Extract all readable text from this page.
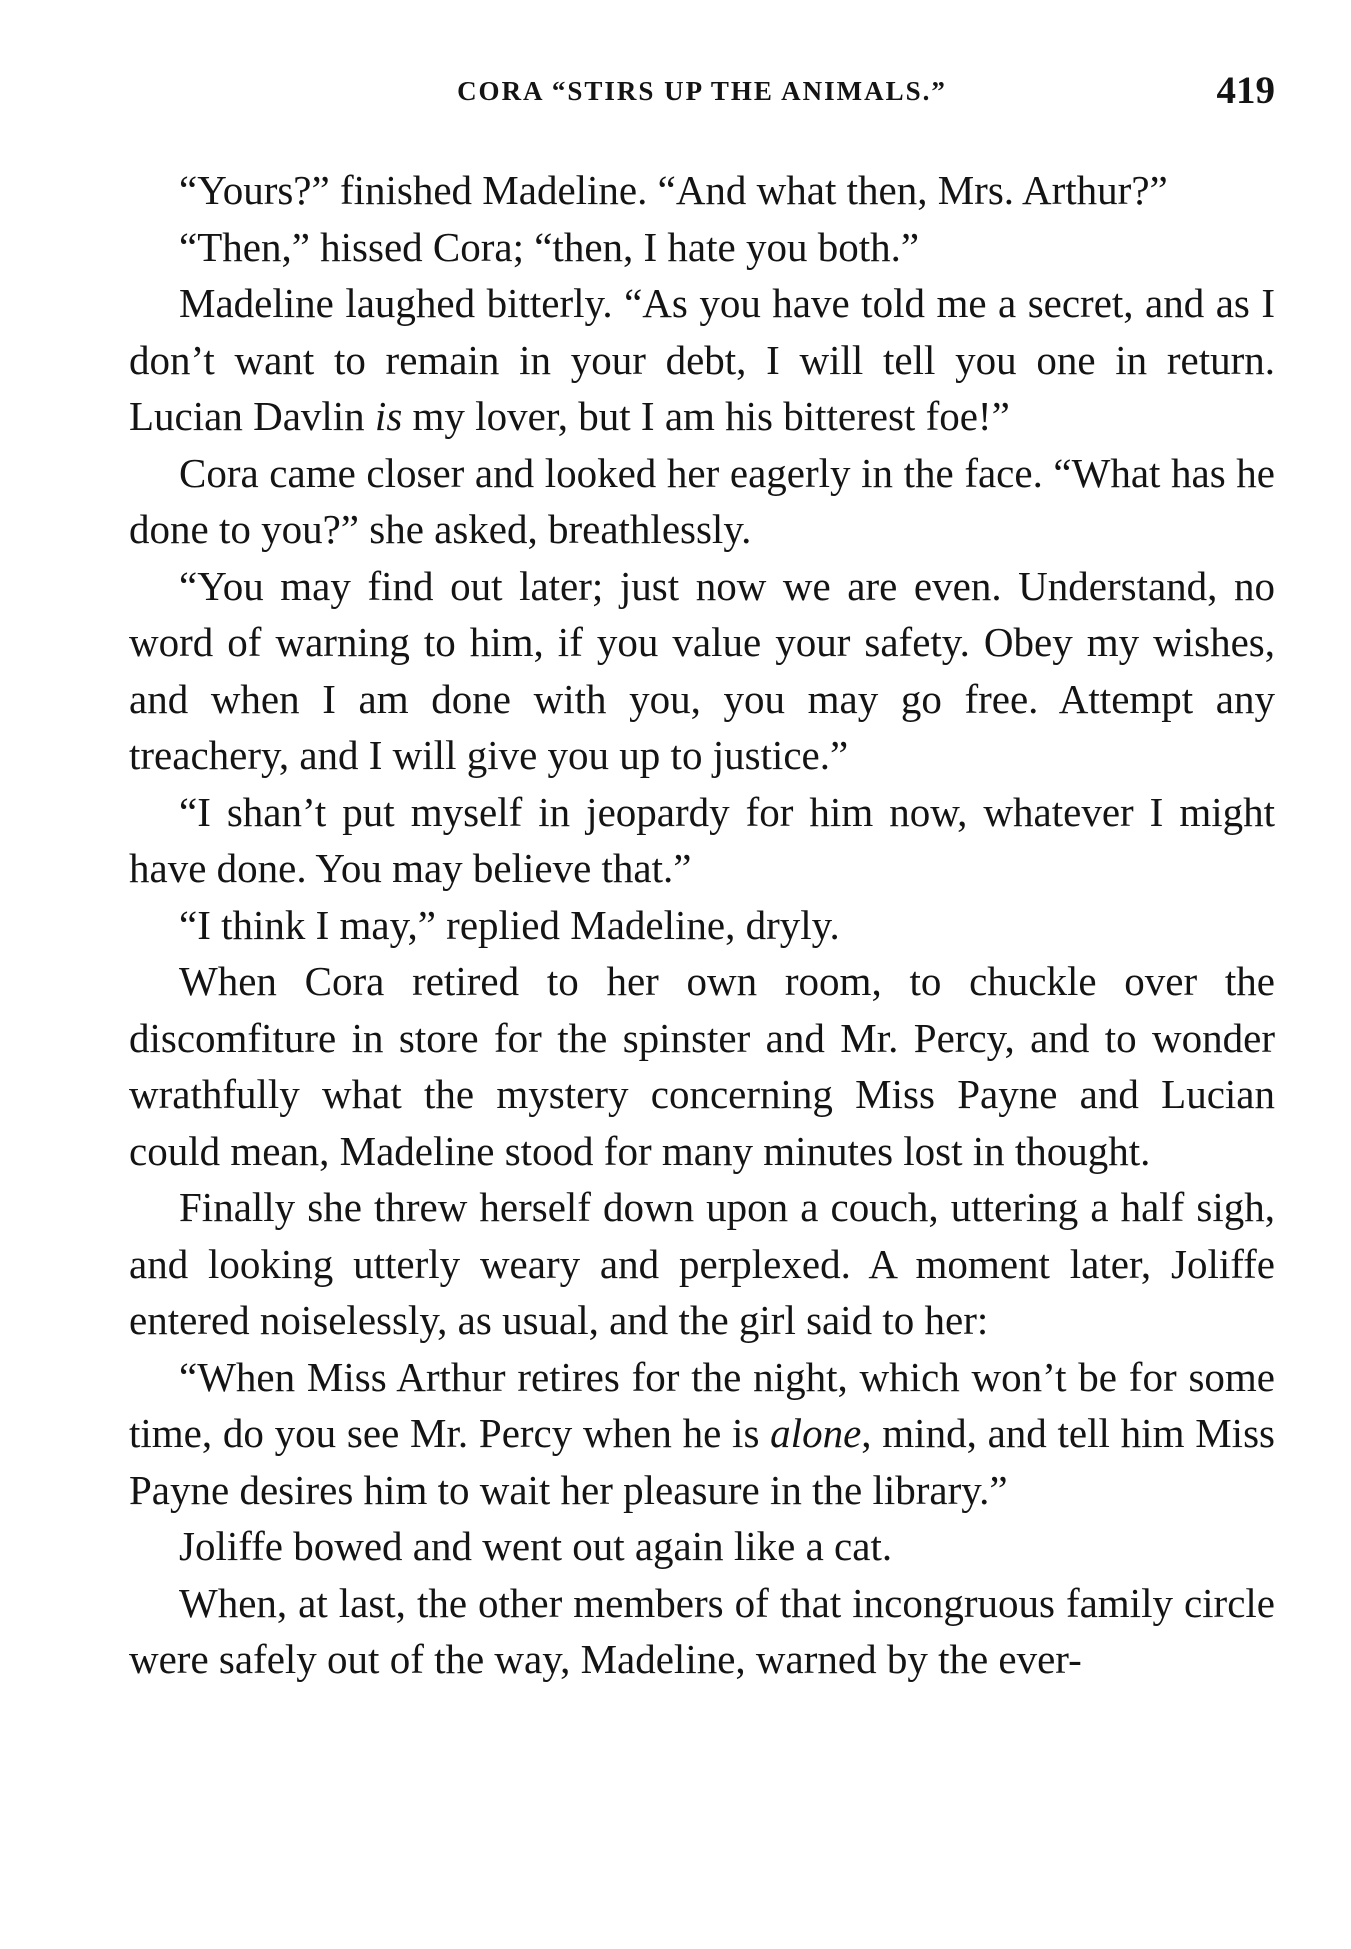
CORA “STIRS UP THE ANIMALS.”	419

“Yours?” finished Madeline. “And what then, Mrs. Arthur?”

“Then,” hissed Cora; “then, I hate you both.”

Madeline laughed bitterly. “As you have told me a secret, and as I don’t want to remain in your debt, I will tell you one in return. Lucian Davlin is my lover, but I am his bitterest foe!”

Cora came closer and looked her eagerly in the face. “What has he done to you?” she asked, breathlessly.

“You may find out later; just now we are even. Understand, no word of warning to him, if you value your safety. Obey my wishes, and when I am done with you, you may go free. Attempt any treachery, and I will give you up to justice.”

“I shan’t put myself in jeopardy for him now, whatever I might have done. You may believe that.”

“I think I may,” replied Madeline, dryly.

When Cora retired to her own room, to chuckle over the discomfiture in store for the spinster and Mr. Percy, and to wonder wrathfully what the mystery concerning Miss Payne and Lucian could mean, Madeline stood for many minutes lost in thought.

Finally she threw herself down upon a couch, uttering a half sigh, and looking utterly weary and perplexed. A moment later, Joliffe entered noiselessly, as usual, and the girl said to her:

“When Miss Arthur retires for the night, which won’t be for some time, do you see Mr. Percy when he is alone, mind, and tell him Miss Payne desires him to wait her pleasure in the library.”

Joliffe bowed and went out again like a cat.

When, at last, the other members of that incongruous family circle were safely out of the way, Madeline, warned by the ever-
